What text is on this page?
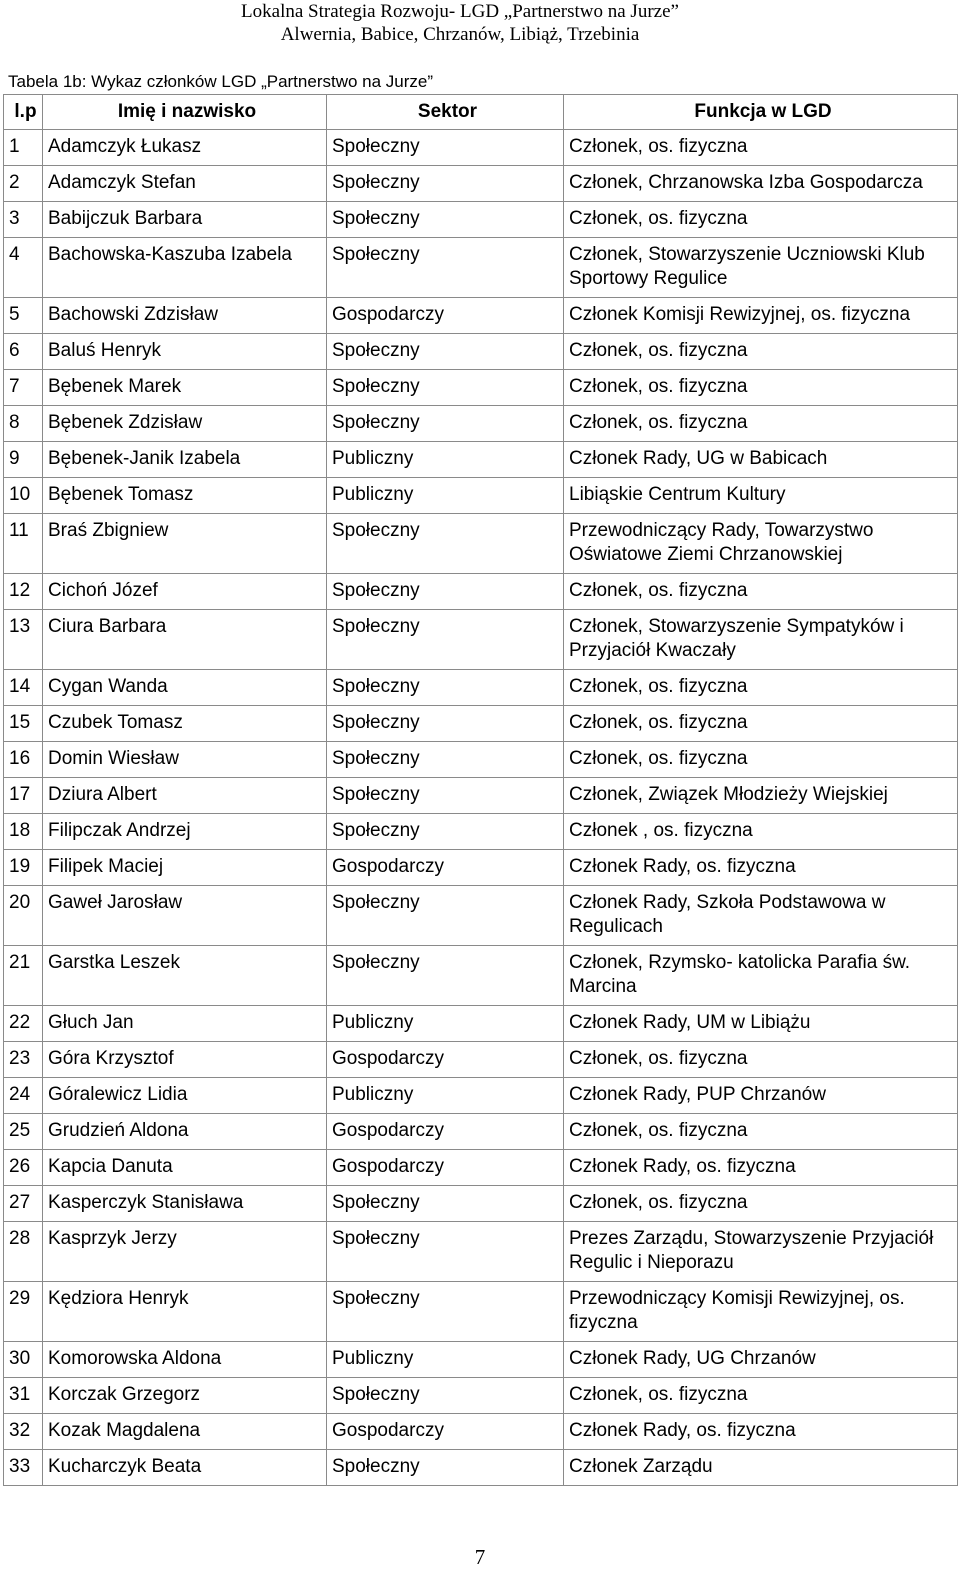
Lokalna Strategia Rozwoju- LGD „Partnerstwo na Jurze”
Alwernia, Babice, Chrzanów, Libiąż, Trzebinia
Tabela 1b: Wykaz członków LGD „Partnerstwo na Jurze”
l.p	Imię i nazwisko	Sektor	Funkcja w LGD
1	Adamczyk Łukasz	Społeczny	Członek, os. fizyczna
2	Adamczyk Stefan	Społeczny	Członek, Chrzanowska Izba Gospodarcza
3	Babijczuk Barbara	Społeczny	Członek, os. fizyczna
4	Bachowska-Kaszuba Izabela	Społeczny	Członek, Stowarzyszenie Uczniowski Klub Sportowy Regulice
5	Bachowski Zdzisław	Gospodarczy	Członek Komisji Rewizyjnej, os. fizyczna
6	Baluś Henryk	Społeczny	Członek, os. fizyczna
7	Bębenek Marek	Społeczny	Członek, os. fizyczna
8	Bębenek Zdzisław	Społeczny	Członek, os. fizyczna
9	Bębenek-Janik Izabela	Publiczny	Członek Rady, UG w Babicach
10	Bębenek Tomasz	Publiczny	Libiąskie Centrum Kultury
11	Braś Zbigniew	Społeczny	Przewodniczący Rady, Towarzystwo Oświatowe Ziemi Chrzanowskiej
12	Cichoń Józef	Społeczny	Członek, os. fizyczna
13	Ciura Barbara	Społeczny	Członek, Stowarzyszenie Sympatyków i Przyjaciół Kwaczały
14	Cygan Wanda	Społeczny	Członek, os. fizyczna
15	Czubek Tomasz	Społeczny	Członek, os. fizyczna
16	Domin Wiesław	Społeczny	Członek, os. fizyczna
17	Dziura Albert	Społeczny	Członek, Związek Młodzieży Wiejskiej
18	Filipczak Andrzej	Społeczny	Członek , os. fizyczna
19	Filipek Maciej	Gospodarczy	Członek Rady, os. fizyczna
20	Gaweł Jarosław	Społeczny	Członek Rady, Szkoła Podstawowa w Regulicach
21	Garstka Leszek	Społeczny	Członek, Rzymsko- katolicka Parafia św. Marcina
22	Głuch Jan	Publiczny	Członek Rady, UM w Libiążu
23	Góra Krzysztof	Gospodarczy	Członek, os. fizyczna
24	Góralewicz Lidia	Publiczny	Członek Rady, PUP Chrzanów
25	Grudzień Aldona	Gospodarczy	Członek, os. fizyczna
26	Kapcia Danuta	Gospodarczy	Członek Rady, os. fizyczna
27	Kasperczyk Stanisława	Społeczny	Członek, os. fizyczna
28	Kasprzyk Jerzy	Społeczny	Prezes Zarządu, Stowarzyszenie Przyjaciół Regulic i Nieporazu
29	Kędziora Henryk	Społeczny	Przewodniczący Komisji Rewizyjnej, os. fizyczna
30	Komorowska Aldona	Publiczny	Członek Rady, UG Chrzanów
31	Korczak Grzegorz	Społeczny	Członek, os. fizyczna
32	Kozak Magdalena	Gospodarczy	Członek Rady, os. fizyczna
33	Kucharczyk Beata	Społeczny	Członek Zarządu
7
